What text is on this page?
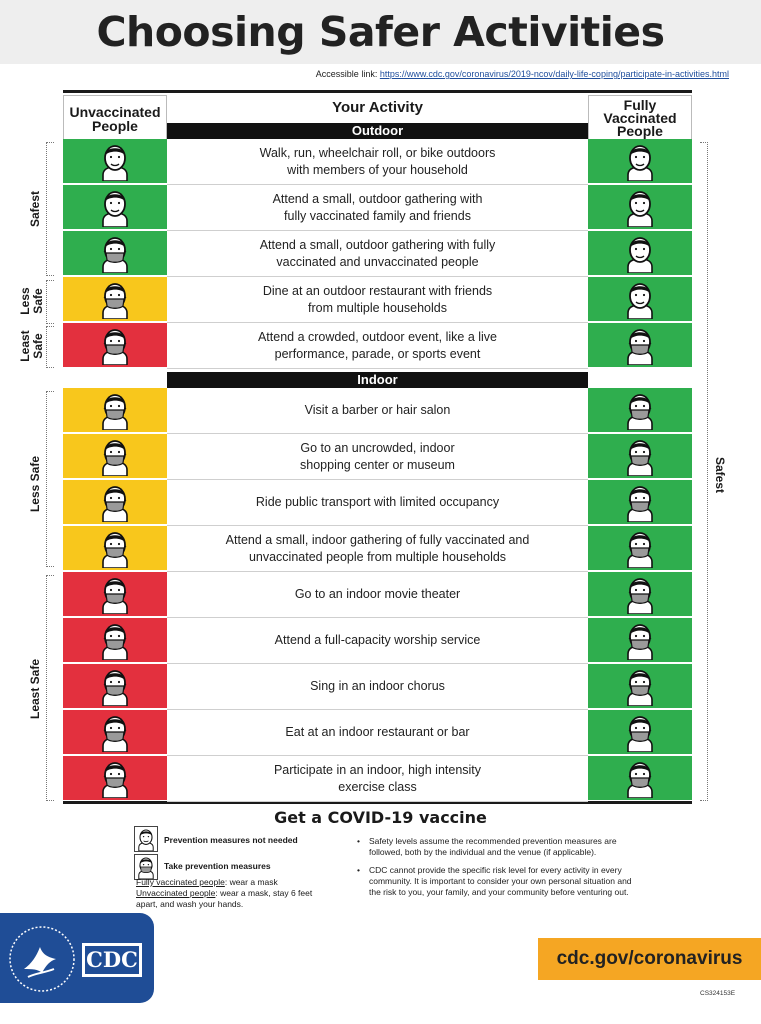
Choosing Safer Activities
Accessible link: https://www.cdc.gov/coronavirus/2019-ncov/daily-life-coping/participate-in-activities.html
Unvaccinated People
Your Activity	Fully Vaccinated People
Outdoor
Indoor
Walk, run, wheelchair roll, or bike outdoors
with members of your household
Attend a small, outdoor gathering with
fully vaccinated family and friends
Attend a small, outdoor gathering with fully
vaccinated and unvaccinated people
Dine at an outdoor restaurant with friends
from multiple households
Attend a crowded, outdoor event, like a live
performance, parade, or sports event
Visit a barber or hair salon
Go to an uncrowded, indoor
shopping center or museum
Ride public transport with limited occupancy
Attend a small, indoor gathering of fully vaccinated and
unvaccinated people from multiple households
Go to an indoor movie theater
Attend a full-capacity worship service
Sing in an indoor chorus
Eat at an indoor restaurant or bar
Participate in an indoor, high intensity
exercise class
Safest
Less
Safe
Least
Safe
Less Safe
Least Safe
Safest
Get a COVID-19 vaccine
Prevention measures not needed
Take prevention measures
Fully vaccinated people: wear a mask
Unvaccinated people: wear a mask, stay 6 feet
apart, and wash your hands.
• Safety levels assume the recommended prevention measures are followed, both by the individual and the venue (if applicable).
• CDC cannot provide the specific risk level for every activity in every community. It is important to consider your own personal situation and the risk to you, your family, and your community before venturing out.
CDC	cdc.gov/coronavirus
CS324153E
